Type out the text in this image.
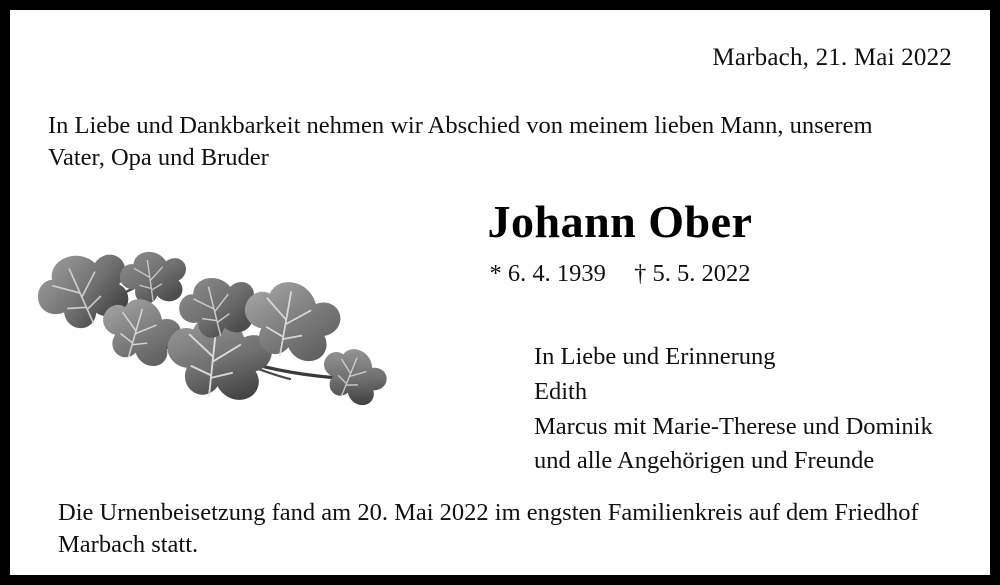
Marbach, 21. Mai 2022
In Liebe und Dankbarkeit nehmen wir Abschied von meinem lieben Mann, unserem
Vater, Opa und Bruder
Johann Ober
* 6. 4. 1939 † 5. 5. 2022
In Liebe und Erinnerung
Edith
Marcus mit Marie-Therese und Dominik
und alle Angehörigen und Freunde
Die Urnenbeisetzung fand am 20. Mai 2022 im engsten Familienkreis auf dem Friedhof
Marbach statt.
